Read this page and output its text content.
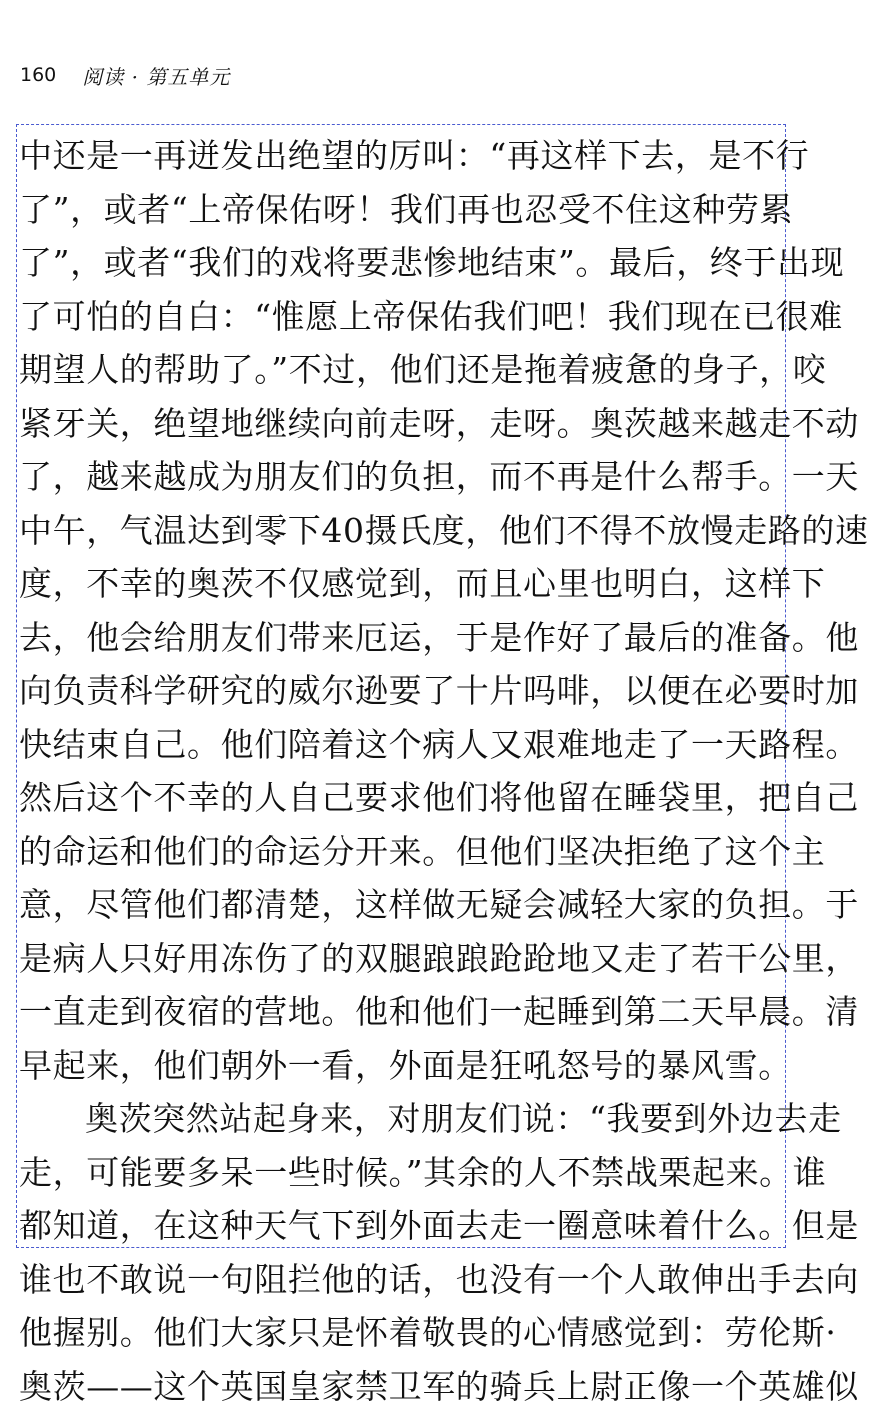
160 阅读 · 第五单元
中还是一再迸发出绝望的厉叫：“再这样下去，是不行
了”，或者“上帝保佑呀！我们再也忍受不住这种劳累
了”，或者“我们的戏将要悲惨地结束”。最后，终于出现
了可怕的自白：“惟愿上帝保佑我们吧！我们现在已很难
期望人的帮助了。”不过，他们还是拖着疲惫的身子，咬
紧牙关，绝望地继续向前走呀，走呀。奥茨越来越走不动
了，越来越成为朋友们的负担，而不再是什么帮手。一天
中午，气温达到零下40摄氏度，他们不得不放慢走路的速
度，不幸的奥茨不仅感觉到，而且心里也明白，这样下
去，他会给朋友们带来厄运，于是作好了最后的准备。他
向负责科学研究的威尔逊要了十片吗啡，以便在必要时加
快结束自己。他们陪着这个病人又艰难地走了一天路程。
然后这个不幸的人自己要求他们将他留在睡袋里，把自己
的命运和他们的命运分开来。但他们坚决拒绝了这个主
意，尽管他们都清楚，这样做无疑会减轻大家的负担。于
是病人只好用冻伤了的双腿踉踉跄跄地又走了若干公里，
一直走到夜宿的营地。他和他们一起睡到第二天早晨。清
早起来，他们朝外一看，外面是狂吼怒号的暴风雪。
奥茨突然站起身来，对朋友们说：“我要到外边去走
走，可能要多呆一些时候。”其余的人不禁战栗起来。谁
都知道，在这种天气下到外面去走一圈意味着什么。但是
谁也不敢说一句阻拦他的话，也没有一个人敢伸出手去向
他握别。他们大家只是怀着敬畏的心情感觉到：劳伦斯·
奥茨——这个英国皇家禁卫军的骑兵上尉正像一个英雄似
